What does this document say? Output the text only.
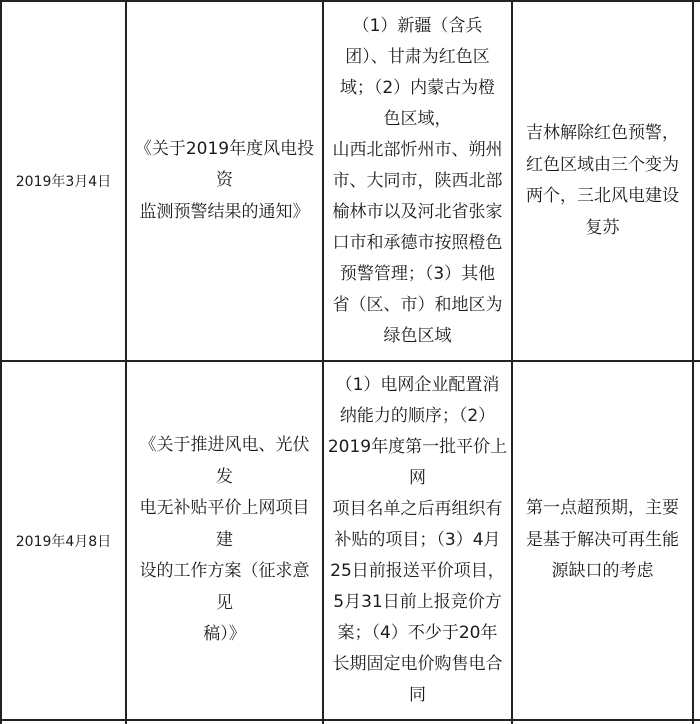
2019年3月4日
《关于2019年度风电投
资
监测预警结果的通知》
（1）新疆（含兵
团）、甘肃为红色区
域；（2）内蒙古为橙
色区域，
山西北部忻州市、朔州
市、大同市，陕西北部
榆林市以及河北省张家
口市和承德市按照橙色
预警管理；（3）其他
省（区、市）和地区为
绿色区域
吉林解除红色预警，
红色区域由三个变为
两个，三北风电建设
复苏
2019年4月8日
《关于推进风电、光伏
发
电无补贴平价上网项目
建
设的工作方案（征求意
见
稿）》
（1）电网企业配置消
纳能力的顺序；（2）
2019年度第一批平价上
网
项目名单之后再组织有
补贴的项目；（3）4月
25日前报送平价项目，
5月31日前上报竞价方
案；（4）不少于20年
长期固定电价购售电合
同
第一点超预期，主要
是基于解决可再生能
源缺口的考虑
